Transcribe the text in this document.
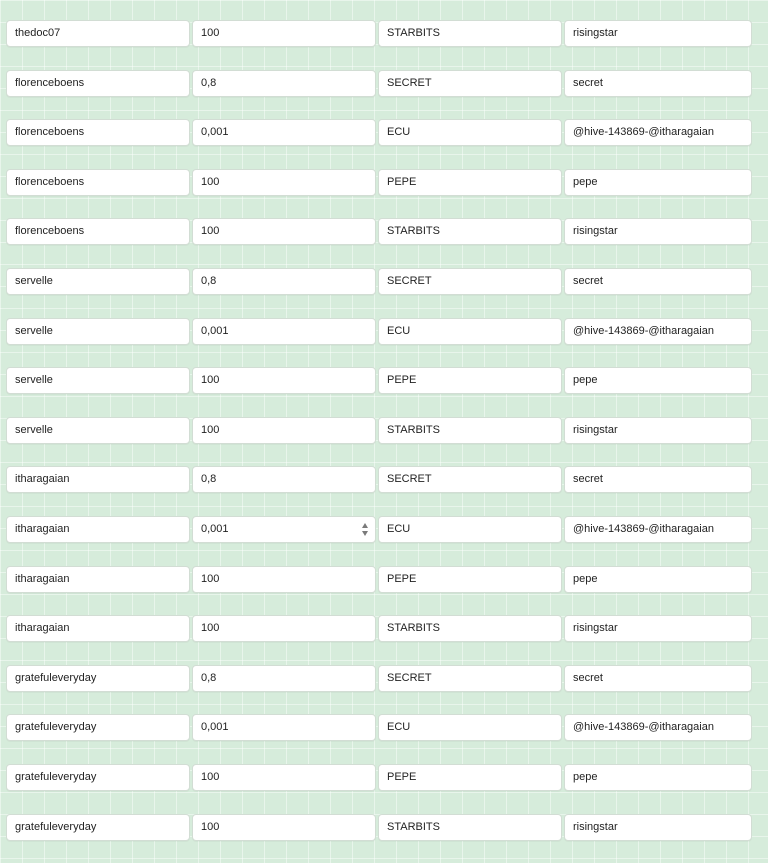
thedoc07	100	STARBITS	risingstar
florenceboens	0,8	SECRET	secret
florenceboens	0,001	ECU	@hive-143869-@itharagaian
florenceboens	100	PEPE	pepe
florenceboens	100	STARBITS	risingstar
servelle	0,8	SECRET	secret
servelle	0,001	ECU	@hive-143869-@itharagaian
servelle	100	PEPE	pepe
servelle	100	STARBITS	risingstar
itharagaian	0,8	SECRET	secret
itharagaian	0,001	ECU	@hive-143869-@itharagaian
itharagaian	100	PEPE	pepe
itharagaian	100	STARBITS	risingstar
gratefuleveryday	0,8	SECRET	secret
gratefuleveryday	0,001	ECU	@hive-143869-@itharagaian
gratefuleveryday	100	PEPE	pepe
gratefuleveryday	100	STARBITS	risingstar
